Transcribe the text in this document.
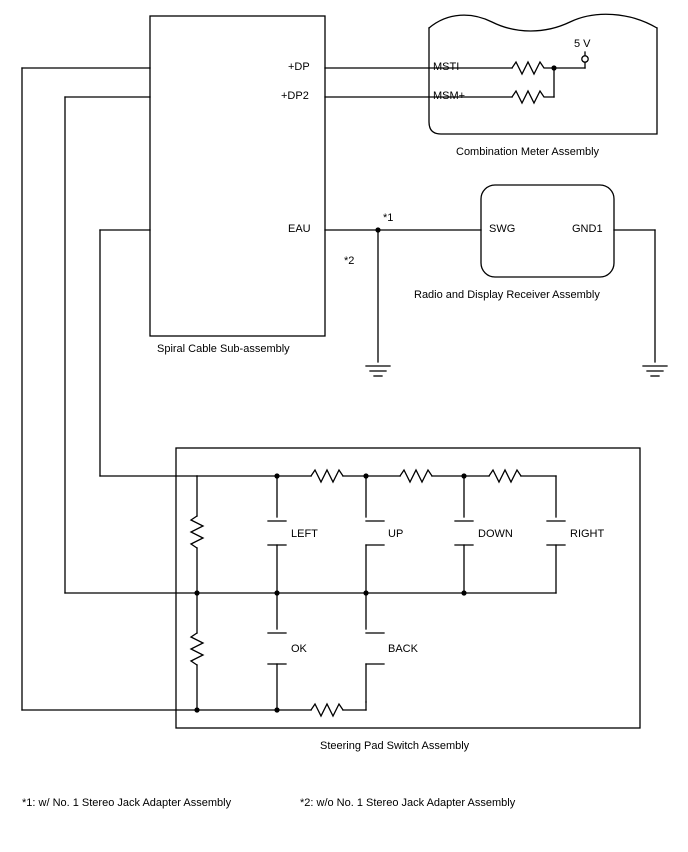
+DP
+DP2
EAU
MSTI
MSM+
5 V
SWG	GND1
*1
*2
LEFT	UP	DOWN	RIGHT
OK	BACK
Spiral Cable Sub-assembly
Combination Meter Assembly
Radio and Display Receiver Assembly
Steering Pad Switch Assembly
*1: w/ No. 1 Stereo Jack Adapter Assembly	*2: w/o No. 1 Stereo Jack Adapter Assembly
